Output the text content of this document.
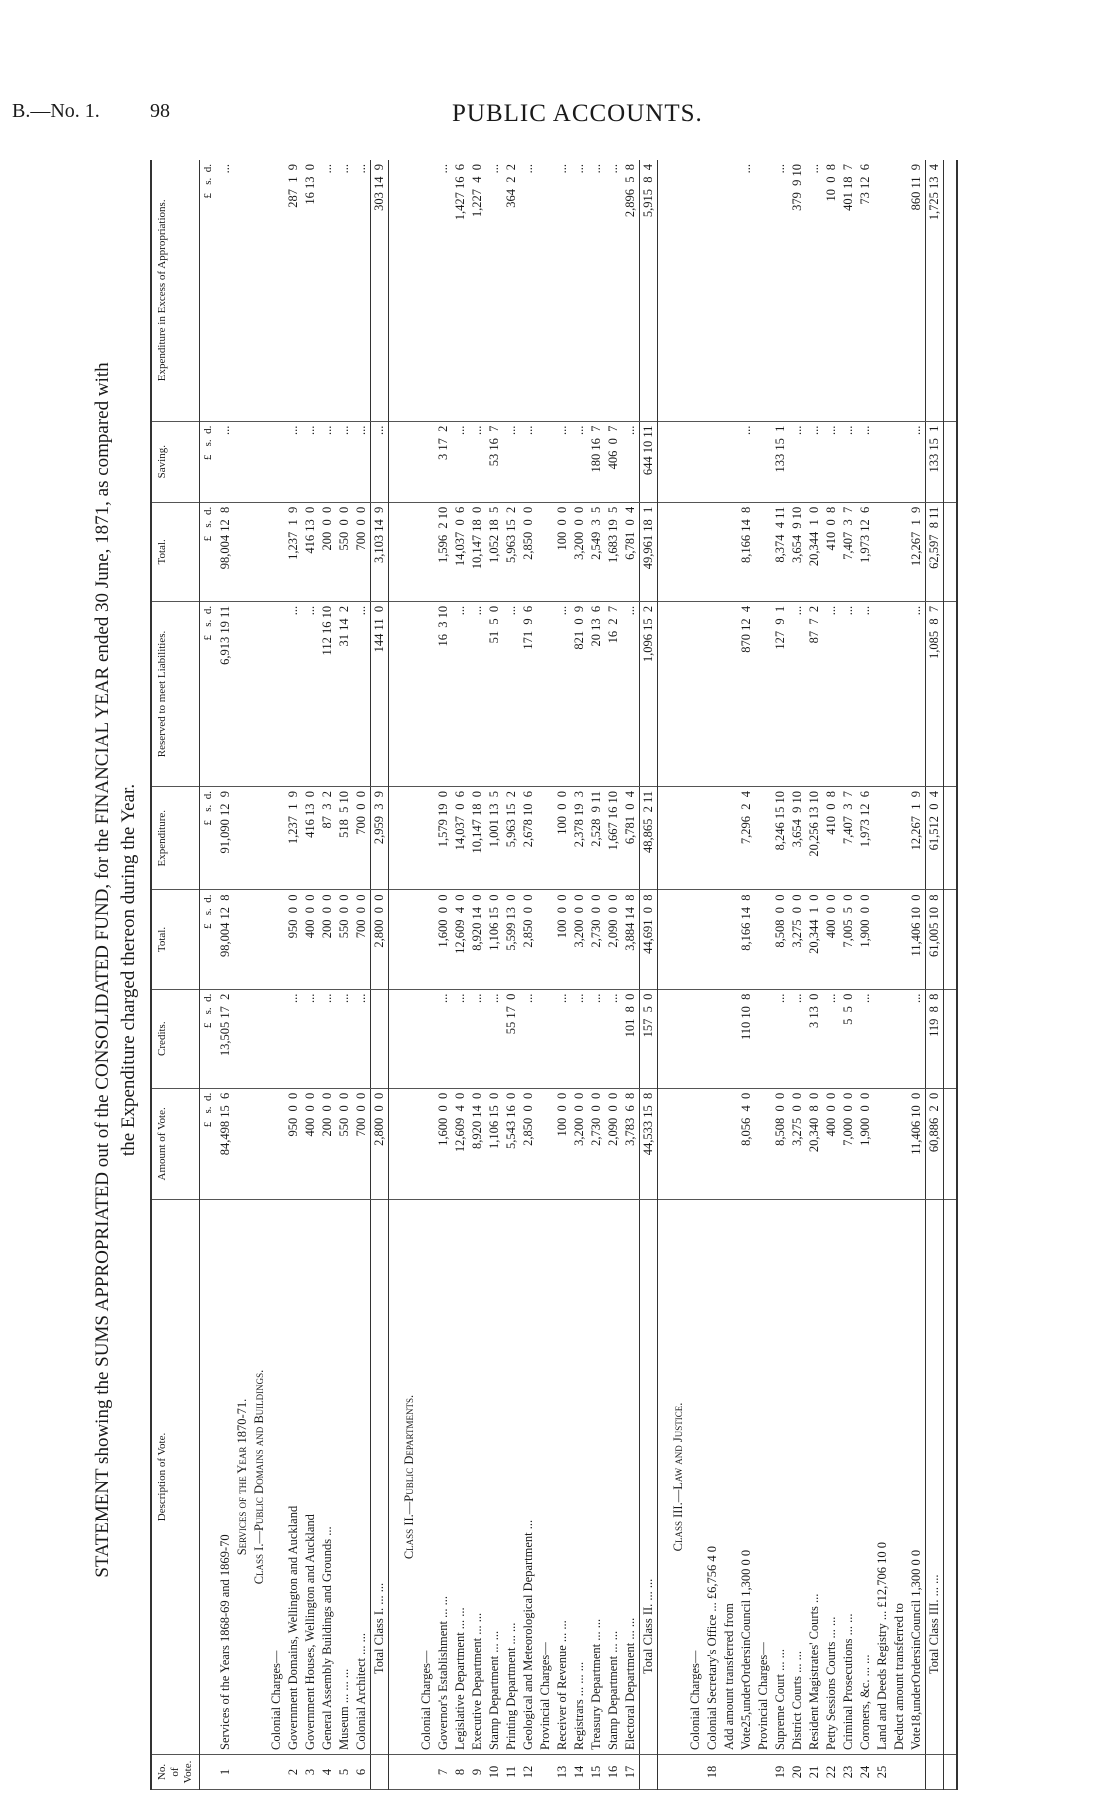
B.—No. 1.	98	PUBLIC ACCOUNTS.
STATEMENT showing the SUMS APPROPRIATED out of the CONSOLIDATED FUND, for the FINANCIAL YEAR ended 30 June, 1871, as compared with the Expenditure charged thereon during the Year.
No. of Vote.	Description of Vote.	Amount of Vote.	Credits.	Total.	Expenditure.	Reserved to meet Liabilities.	Total.	Saving.	Expenditure in Excess of Appropriations.
		£   s.  d.	£   s.  d.	£   s.  d.	£   s.  d.	£   s.  d.	£   s.  d.	£   s.  d.	£   s.  d.
1	Services of the Years 1868-69 and 1869-70	84,498 15  6	13,505 17  2	98,004 12  8	91,090 12  9	6,913 19 11	98,004 12  8	...	...
	Services of the Year 1870-71.								
	Class I.—Public Domains and Buildings.								
	Colonial Charges—								
2	Government Domains, Wellington and Auckland	950  0  0	...	950  0  0	1,237  1  9	...	1,237  1  9	...	287  1  9
3	Government Houses, Wellington and Auckland	400  0  0	...	400  0  0	416 13  0	...	416 13  0	...	16 13  0
4	General Assembly Buildings and Grounds ...	200  0  0	...	200  0  0	87  3  2	112 16 10	200  0  0	...	...
5	Museum ... ... ...	550  0  0	...	550  0  0	518  5 10	31 14  2	550  0  0	...	...
6	Colonial Architect ... ...	700  0  0	...	700  0  0	700  0  0	...	700  0  0	...	...
	Total Class I. ... ...	2,800  0  0		2,800  0  0	2,959  3  9	144 11  0	3,103 14  9	...	303 14  9

	Class II.—Public Departments.								
	Colonial Charges—								
7	Governor's Establishment ... ...	1,600  0  0	...	1,600  0  0	1,579 19  0	16  3 10	1,596  2 10	3 17  2	...
8	Legislative Department ... ...	12,609  4  0	...	12,609  4  0	14,037  0  6	...	14,037  0  6	...	1,427 16  6
9	Executive Department ... ...	8,920 14  0	...	8,920 14  0	10,147 18  0	...	10,147 18  0	...	1,227  4  0
10	Stamp Department ... ...	1,106 15  0	...	1,106 15  0	1,001 13  5	51  5  0	1,052 18  5	53 16  7	...
11	Printing Department ... ...	5,543 16  0	55 17  0	5,599 13  0	5,963 15  2	...	5,963 15  2	...	364  2  2
12	Geological and Meteorological Department ...	2,850  0  0	...	2,850  0  0	2,678 10  6	171  9  6	2,850  0  0	...	...
	Provincial Charges—								
13	Receiver of Revenue ... ...	100  0  0	...	100  0  0	100  0  0	...	100  0  0	...	...
14	Registrars ... ... ...	3,200  0  0	...	3,200  0  0	2,378 19  3	821  0  9	3,200  0  0	...	...
15	Treasury Department ... ...	2,730  0  0	...	2,730  0  0	2,528  9 11	20 13  6	2,549  3  5	180 16  7	...
16	Stamp Department ... ...	2,090  0  0	...	2,090  0  0	1,667 16 10	16  2  7	1,683 19  5	406  0  7	...
17	Electoral Department ... ...	3,783  6  8	101  8  0	3,884 14  8	6,781  0  4	...	6,781  0  4	...	2,896  5  8
	Total Class II. ... ...	44,533 15  8	157  5  0	44,691  0  8	48,865  2 11	1,096 15  2	49,961 18  1	644 10 11	5,915  8  4

	Class III.—Law and Justice.								
	Colonial Charges—								
18	Colonial Secretary's Office ... £6,756 4 0								
	Add amount transferred from								
	Vote25,underOrdersinCouncil 1,300 0 0	8,056  4  0	110 10  8	8,166 14  8	7,296  2  4	870 12  4	8,166 14  8	...	...
	Provincial Charges—								
19	Supreme Court ... ...	8,508  0  0	...	8,508  0  0	8,246 15 10	127  9  1	8,374  4 11	133 15  1	...
20	District Courts ... ...	3,275  0  0	...	3,275  0  0	3,654  9 10	...	3,654  9 10	...	379  9 10
21	Resident Magistrates' Courts ...	20,340  8  0	3 13  0	20,344  1  0	20,256 13 10	87  7  2	20,344  1  0	...	...
22	Petty Sessions Courts ... ...	400  0  0	...	400  0  0	410  0  8	...	410  0  8	...	10  0  8
23	Criminal Prosecutions ... ...	7,000  0  0	5  5  0	7,005  5  0	7,407  3  7	...	7,407  3  7	...	401 18  7
24	Coroners, &c. ... ...	1,900  0  0	...	1,900  0  0	1,973 12  6	...	1,973 12  6	...	73 12  6
25	Land and Deeds Registry ... £12,706 10 0								
	Deduct amount transferred to								
	Vote18,underOrdersinCouncil 1,300 0 0	11,406 10  0	...	11,406 10  0	12,267  1  9	...	12,267  1  9	...	860 11  9
	Total Class III. ... ...	60,886  2  0	119  8  8	61,005 10  8	61,512  0  4	1,085  8  7	62,597  8 11	133 15  1	1,725 13  4
